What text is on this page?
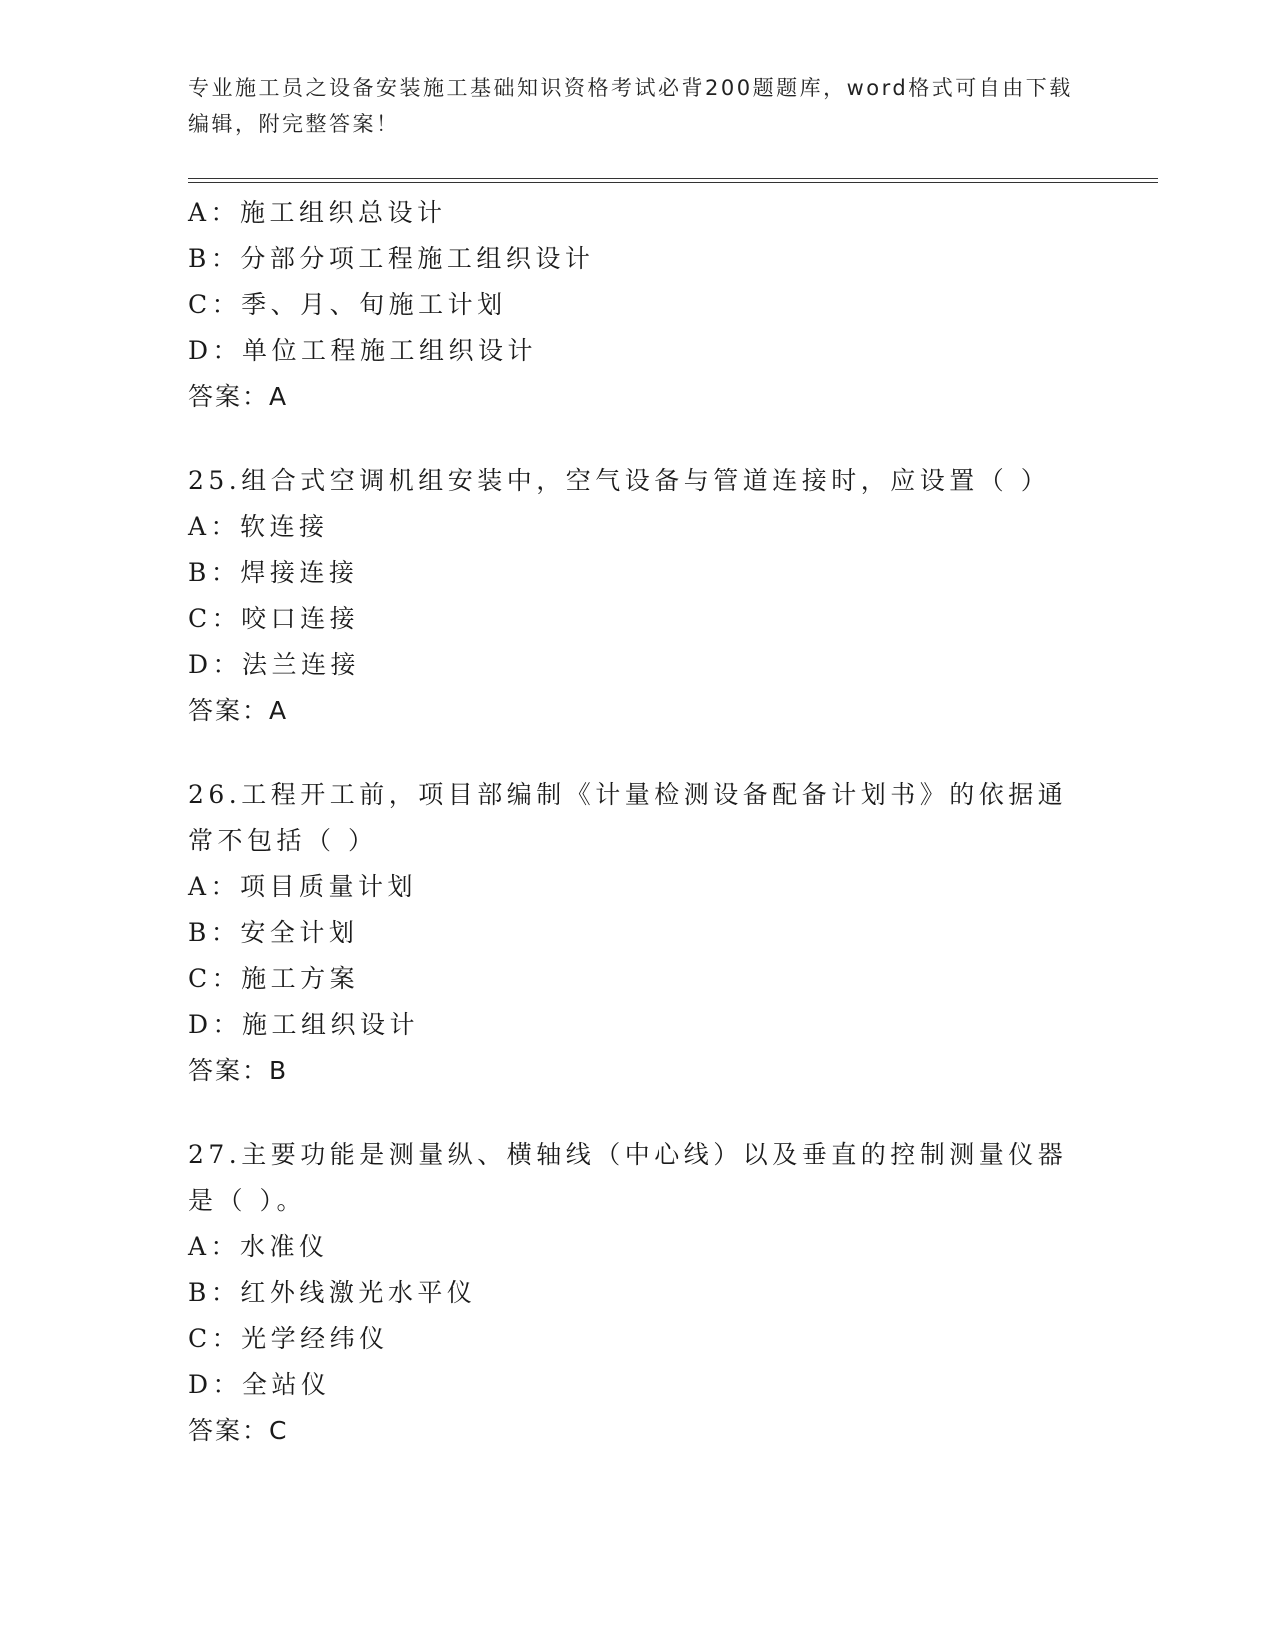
专业施工员之设备安装施工基础知识资格考试必背200题题库，word格式可自由下载编辑，附完整答案！
A：施工组织总设计
B：分部分项工程施工组织设计
C：季、月、旬施工计划
D：单位工程施工组织设计
答案：A
25.组合式空调机组安装中，空气设备与管道连接时，应设置（ ）
A：软连接
B：焊接连接
C：咬口连接
D：法兰连接
答案：A
26.工程开工前，项目部编制《计量检测设备配备计划书》的依据通常不包括（ ）
A：项目质量计划
B：安全计划
C：施工方案
D：施工组织设计
答案：B
27.主要功能是测量纵、横轴线（中心线）以及垂直的控制测量仪器是（ ）。
A：水准仪
B：红外线激光水平仪
C：光学经纬仪
D：全站仪
答案：C
